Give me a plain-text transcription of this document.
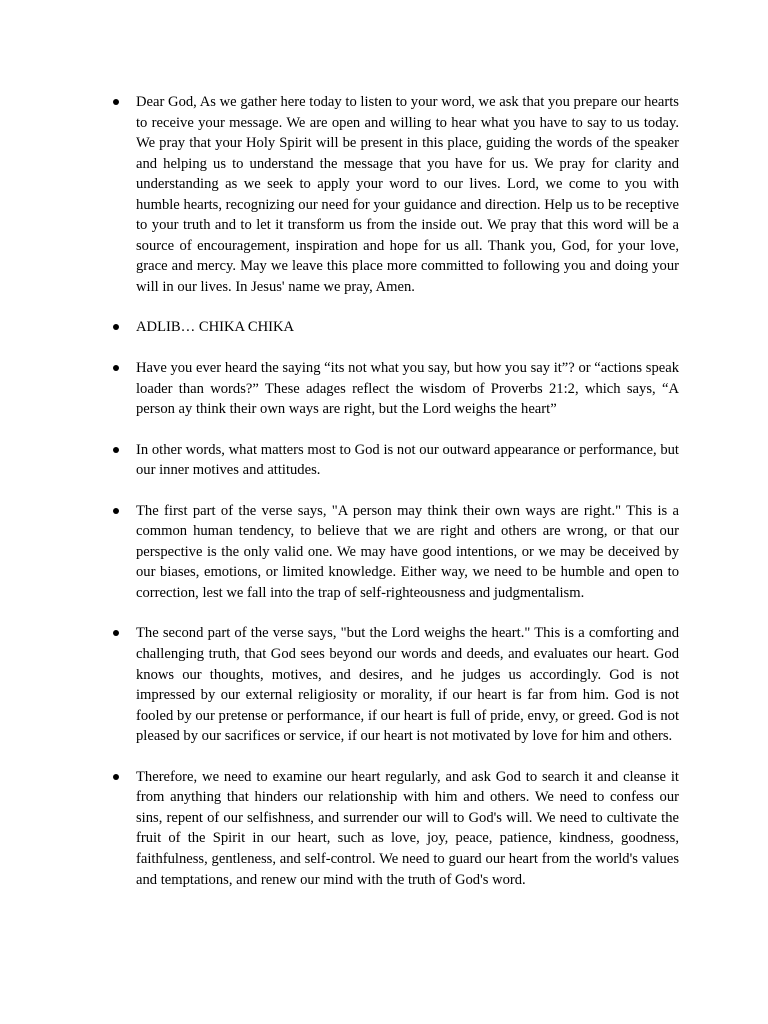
Dear God, As we gather here today to listen to your word, we ask that you prepare our hearts to receive your message. We are open and willing to hear what you have to say to us today. We pray that your Holy Spirit will be present in this place, guiding the words of the speaker and helping us to understand the message that you have for us. We pray for clarity and understanding as we seek to apply your word to our lives. Lord, we come to you with humble hearts, recognizing our need for your guidance and direction. Help us to be receptive to your truth and to let it transform us from the inside out. We pray that this word will be a source of encouragement, inspiration and hope for us all. Thank you, God, for your love, grace and mercy. May we leave this place more committed to following you and doing your will in our lives. In Jesus' name we pray, Amen.
ADLIB… CHIKA CHIKA
Have you ever heard the saying “its not what you say, but how you say it”? or “actions speak loader than words?” These adages reflect the wisdom of Proverbs 21:2, which says, “A person ay think their own ways are right, but the Lord weighs the heart”
In other words, what matters most to God is not our outward appearance or performance, but our inner motives and attitudes.
The first part of the verse says, "A person may think their own ways are right." This is a common human tendency, to believe that we are right and others are wrong, or that our perspective is the only valid one. We may have good intentions, or we may be deceived by our biases, emotions, or limited knowledge. Either way, we need to be humble and open to correction, lest we fall into the trap of self-righteousness and judgmentalism.
The second part of the verse says, "but the Lord weighs the heart." This is a comforting and challenging truth, that God sees beyond our words and deeds, and evaluates our heart. God knows our thoughts, motives, and desires, and he judges us accordingly. God is not impressed by our external religiosity or morality, if our heart is far from him. God is not fooled by our pretense or performance, if our heart is full of pride, envy, or greed. God is not pleased by our sacrifices or service, if our heart is not motivated by love for him and others.
Therefore, we need to examine our heart regularly, and ask God to search it and cleanse it from anything that hinders our relationship with him and others. We need to confess our sins, repent of our selfishness, and surrender our will to God's will. We need to cultivate the fruit of the Spirit in our heart, such as love, joy, peace, patience, kindness, goodness, faithfulness, gentleness, and self-control. We need to guard our heart from the world's values and temptations, and renew our mind with the truth of God's word.
